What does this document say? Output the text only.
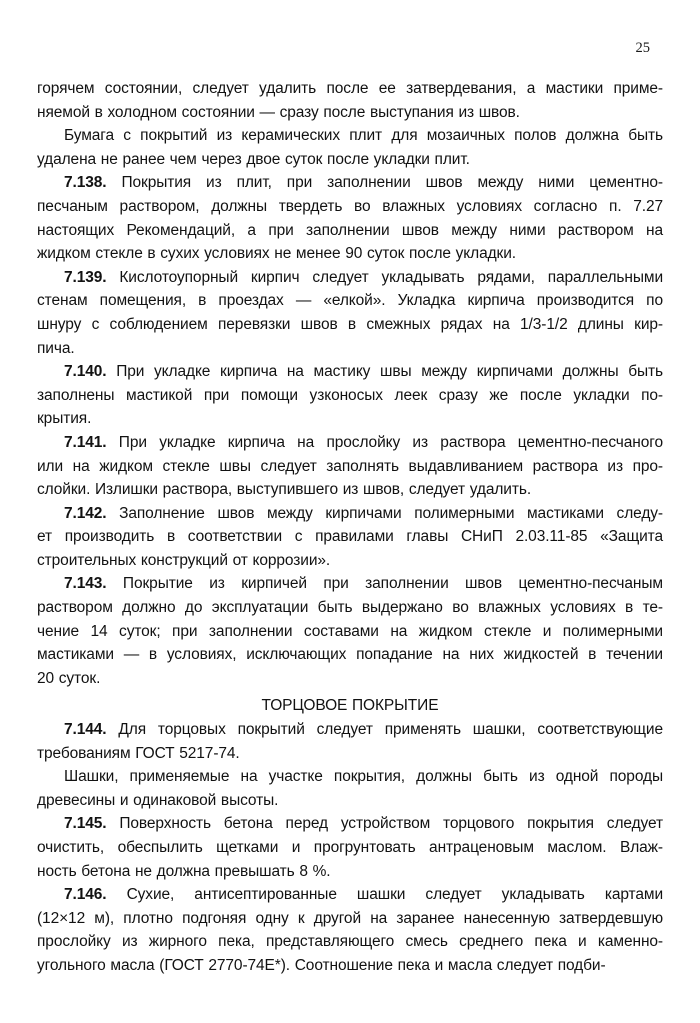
25
горячем состоянии, следует удалить после ее затвердевания, а мастики приме-
няемой в холодном состоянии — сразу после выступания из швов.
Бумага с покрытий из керамических плит для мозаичных полов должна быть
удалена не ранее чем через двое суток после укладки плит.
7.138. Покрытия из плит, при заполнении швов между ними цементно-
песчаным раствором, должны твердеть во влажных условиях согласно п. 7.27
настоящих Рекомендаций, а при заполнении швов между ними раствором на
жидком стекле в сухих условиях не менее 90 суток после укладки.
7.139. Кислотоупорный кирпич следует укладывать рядами, параллельными
стенам помещения, в проездах — «елкой». Укладка кирпича производится по
шнуру с соблюдением перевязки швов в смежных рядах на 1/3-1/2 длины кир-
пича.
7.140. При укладке кирпича на мастику швы между кирпичами должны быть
заполнены мастикой при помощи узконосых леек сразу же после укладки по-
крытия.
7.141. При укладке кирпича на прослойку из раствора цементно-песчаного
или на жидком стекле швы следует заполнять выдавливанием раствора из про-
слойки. Излишки раствора, выступившего из швов, следует удалить.
7.142. Заполнение швов между кирпичами полимерными мастиками следу-
ет производить в соответствии с правилами главы СНиП 2.03.11-85 «Защита
строительных конструкций от коррозии».
7.143. Покрытие из кирпичей при заполнении швов цементно-песчаным
раствором должно до эксплуатации быть выдержано во влажных условиях в те-
чение 14 суток; при заполнении составами на жидком стекле и полимерными
мастиками — в условиях, исключающих попадание на них жидкостей в течении
20 суток.
ТОРЦОВОЕ ПОКРЫТИЕ
7.144. Для торцовых покрытий следует применять шашки, соответствующие
требованиям ГОСТ 5217-74.
Шашки, применяемые на участке покрытия, должны быть из одной породы
древесины и одинаковой высоты.
7.145. Поверхность бетона перед устройством торцового покрытия следует
очистить, обеспылить щетками и прогрунтовать антраценовым маслом. Влаж-
ность бетона не должна превышать 8 %.
7.146. Сухие, антисептированные шашки следует укладывать картами
(12×12 м), плотно подгоняя одну к другой на заранее нанесенную затвердевшую
прослойку из жирного пека, представляющего смесь среднего пека и каменно-
угольного масла (ГОСТ 2770-74Е*). Соотношение пека и масла следует подби-
